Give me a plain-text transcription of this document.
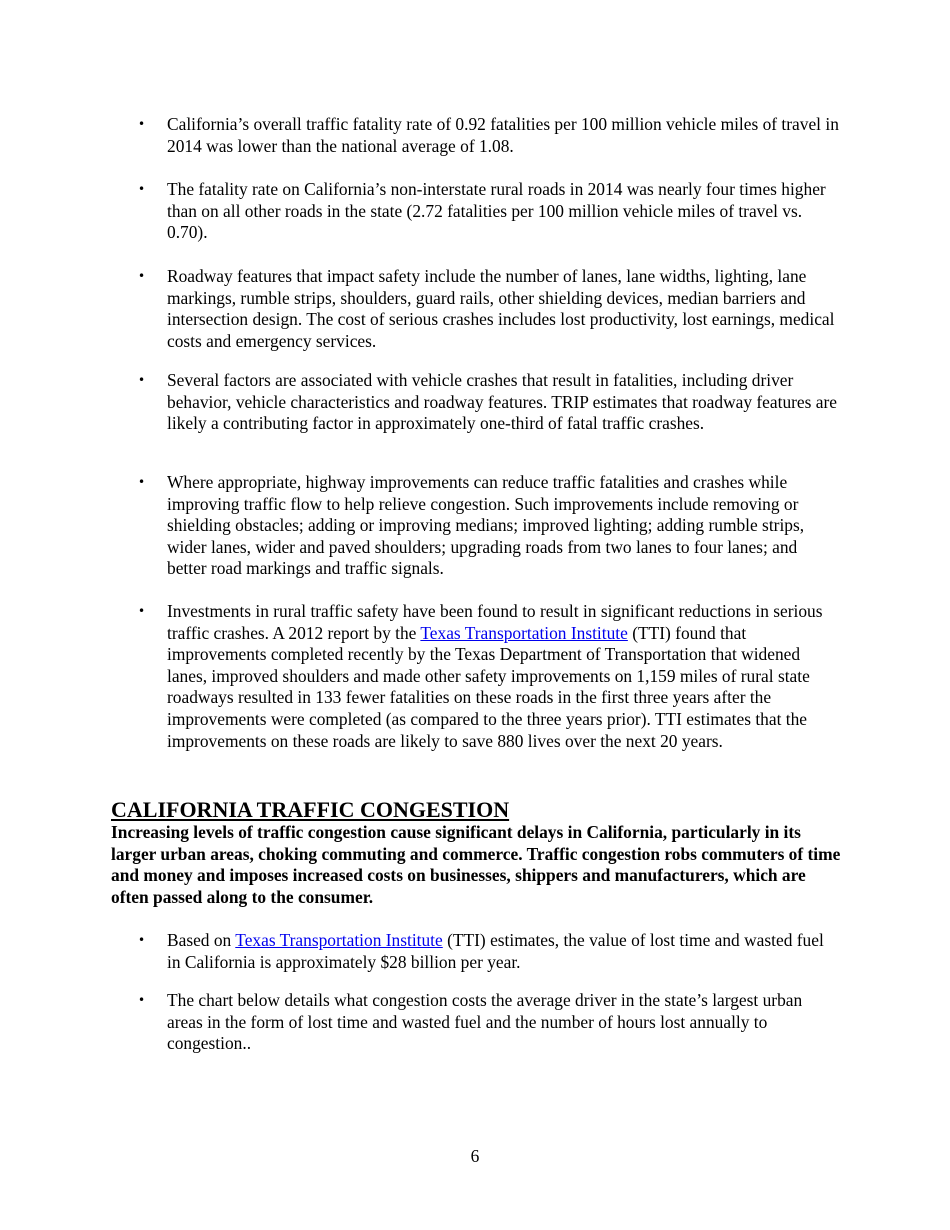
• California’s overall traffic fatality rate of 0.92 fatalities per 100 million vehicle miles of travel in 2014 was lower than the national average of 1.08.
• The fatality rate on California’s non-interstate rural roads in 2014 was nearly four times higher than on all other roads in the state (2.72 fatalities per 100 million vehicle miles of travel vs. 0.70).
• Roadway features that impact safety include the number of lanes, lane widths, lighting, lane markings, rumble strips, shoulders, guard rails, other shielding devices, median barriers and intersection design. The cost of serious crashes includes lost productivity, lost earnings, medical costs and emergency services.
• Several factors are associated with vehicle crashes that result in fatalities, including driver behavior, vehicle characteristics and roadway features. TRIP estimates that roadway features are likely a contributing factor in approximately one-third of fatal traffic crashes.
• Where appropriate, highway improvements can reduce traffic fatalities and crashes while improving traffic flow to help relieve congestion. Such improvements include removing or shielding obstacles; adding or improving medians; improved lighting; adding rumble strips, wider lanes, wider and paved shoulders; upgrading roads from two lanes to four lanes; and better road markings and traffic signals.
• Investments in rural traffic safety have been found to result in significant reductions in serious traffic crashes. A 2012 report by the Texas Transportation Institute (TTI) found that improvements completed recently by the Texas Department of Transportation that widened lanes, improved shoulders and made other safety improvements on 1,159 miles of rural state roadways resulted in 133 fewer fatalities on these roads in the first three years after the improvements were completed (as compared to the three years prior). TTI estimates that the improvements on these roads are likely to save 880 lives over the next 20 years.
CALIFORNIA TRAFFIC CONGESTION

Increasing levels of traffic congestion cause significant delays in California, particularly in its larger urban areas, choking commuting and commerce. Traffic congestion robs commuters of time and money and imposes increased costs on businesses, shippers and manufacturers, which are often passed along to the consumer.

• Based on Texas Transportation Institute (TTI) estimates, the value of lost time and wasted fuel in California is approximately $28 billion per year.
• The chart below details what congestion costs the average driver in the state’s largest urban areas in the form of lost time and wasted fuel and the number of hours lost annually to congestion..
6
